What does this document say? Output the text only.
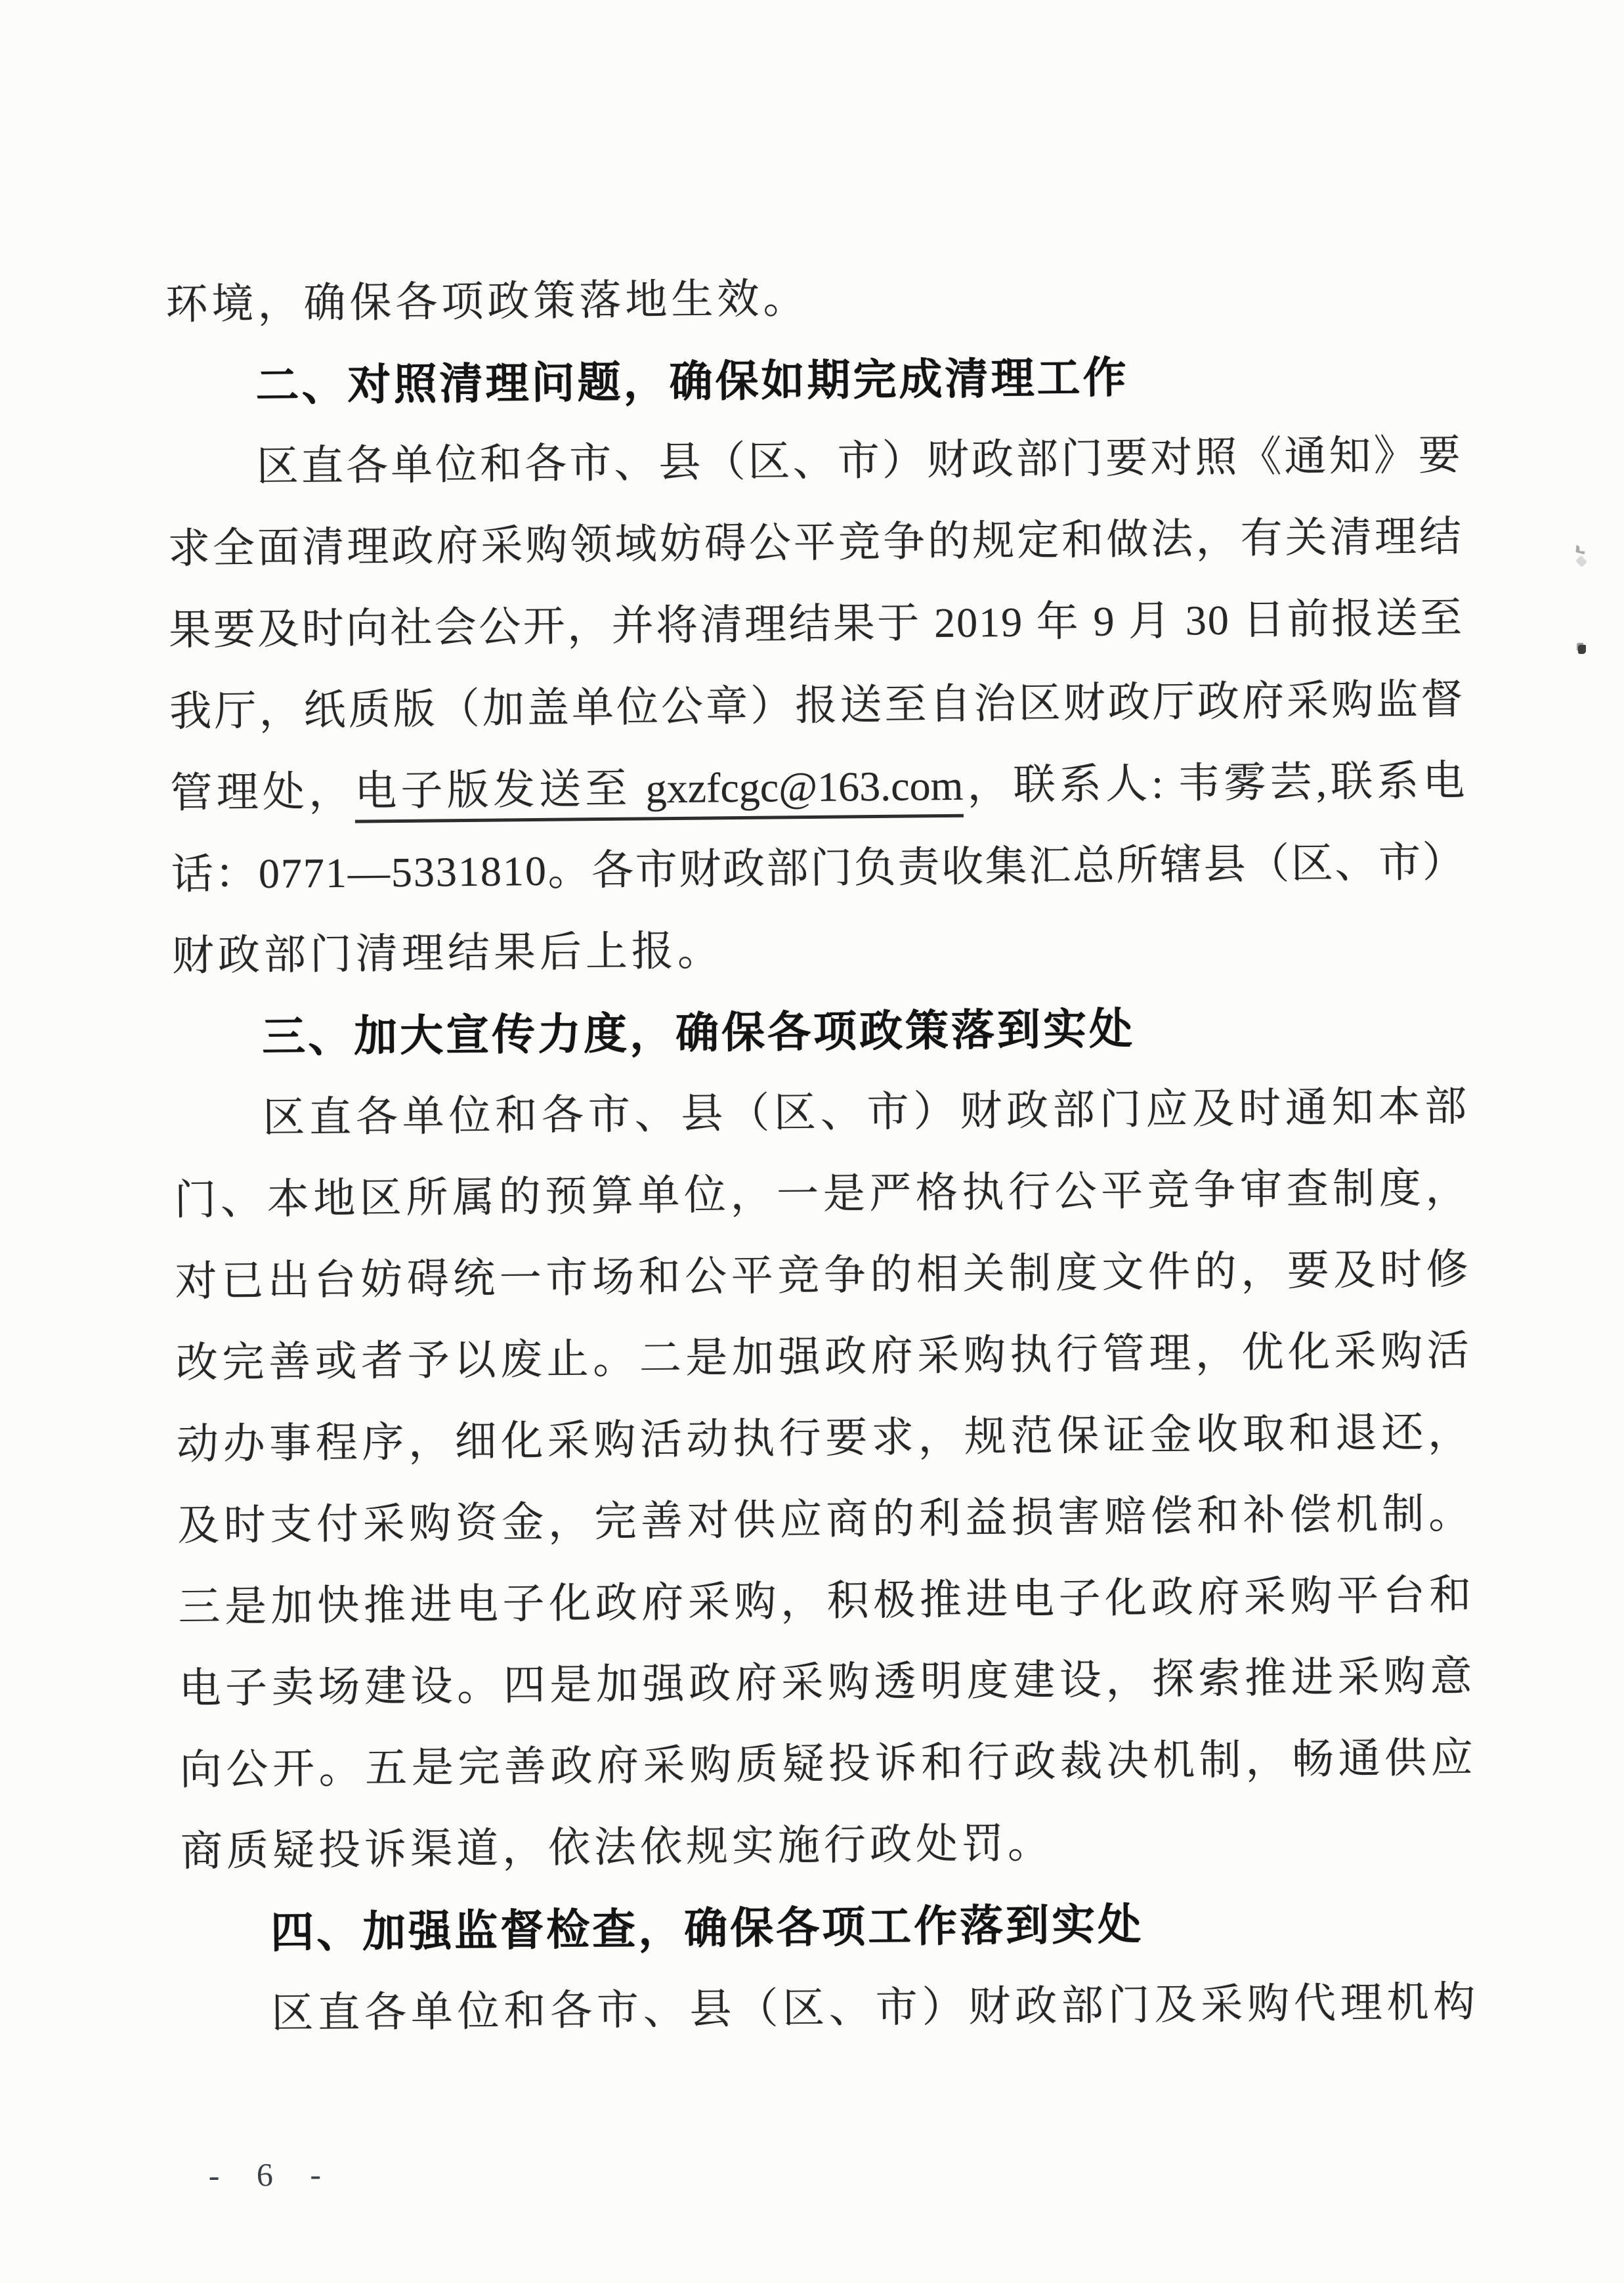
环境，确保各项政策落地生效。
二、对照清理问题，确保如期完成清理工作
区直各单位和各市、县（区、市）财政部门要对照《通知》要
求全面清理政府采购领域妨碍公平竞争的规定和做法，有关清理结
果要及时向社会公开，并将清理结果于 2019 年 9 月 30 日前报送至
我厅，纸质版（加盖单位公章）报送至自治区财政厅政府采购监督
管理处，电子版发送至 gxzfcgc@163.com，联系人: 韦雾芸,联系电
话：0771—5331810。各市财政部门负责收集汇总所辖县（区、市）
财政部门清理结果后上报。
三、加大宣传力度，确保各项政策落到实处
区直各单位和各市、县（区、市）财政部门应及时通知本部
门、本地区所属的预算单位，一是严格执行公平竞争审查制度，
对已出台妨碍统一市场和公平竞争的相关制度文件的，要及时修
改完善或者予以废止。二是加强政府采购执行管理，优化采购活
动办事程序，细化采购活动执行要求，规范保证金收取和退还，
及时支付采购资金，完善对供应商的利益损害赔偿和补偿机制。
三是加快推进电子化政府采购，积极推进电子化政府采购平台和
电子卖场建设。四是加强政府采购透明度建设，探索推进采购意
向公开。五是完善政府采购质疑投诉和行政裁决机制，畅通供应
商质疑投诉渠道，依法依规实施行政处罚。
四、加强监督检查，确保各项工作落到实处
区直各单位和各市、县（区、市）财政部门及采购代理机构
- 6 -
